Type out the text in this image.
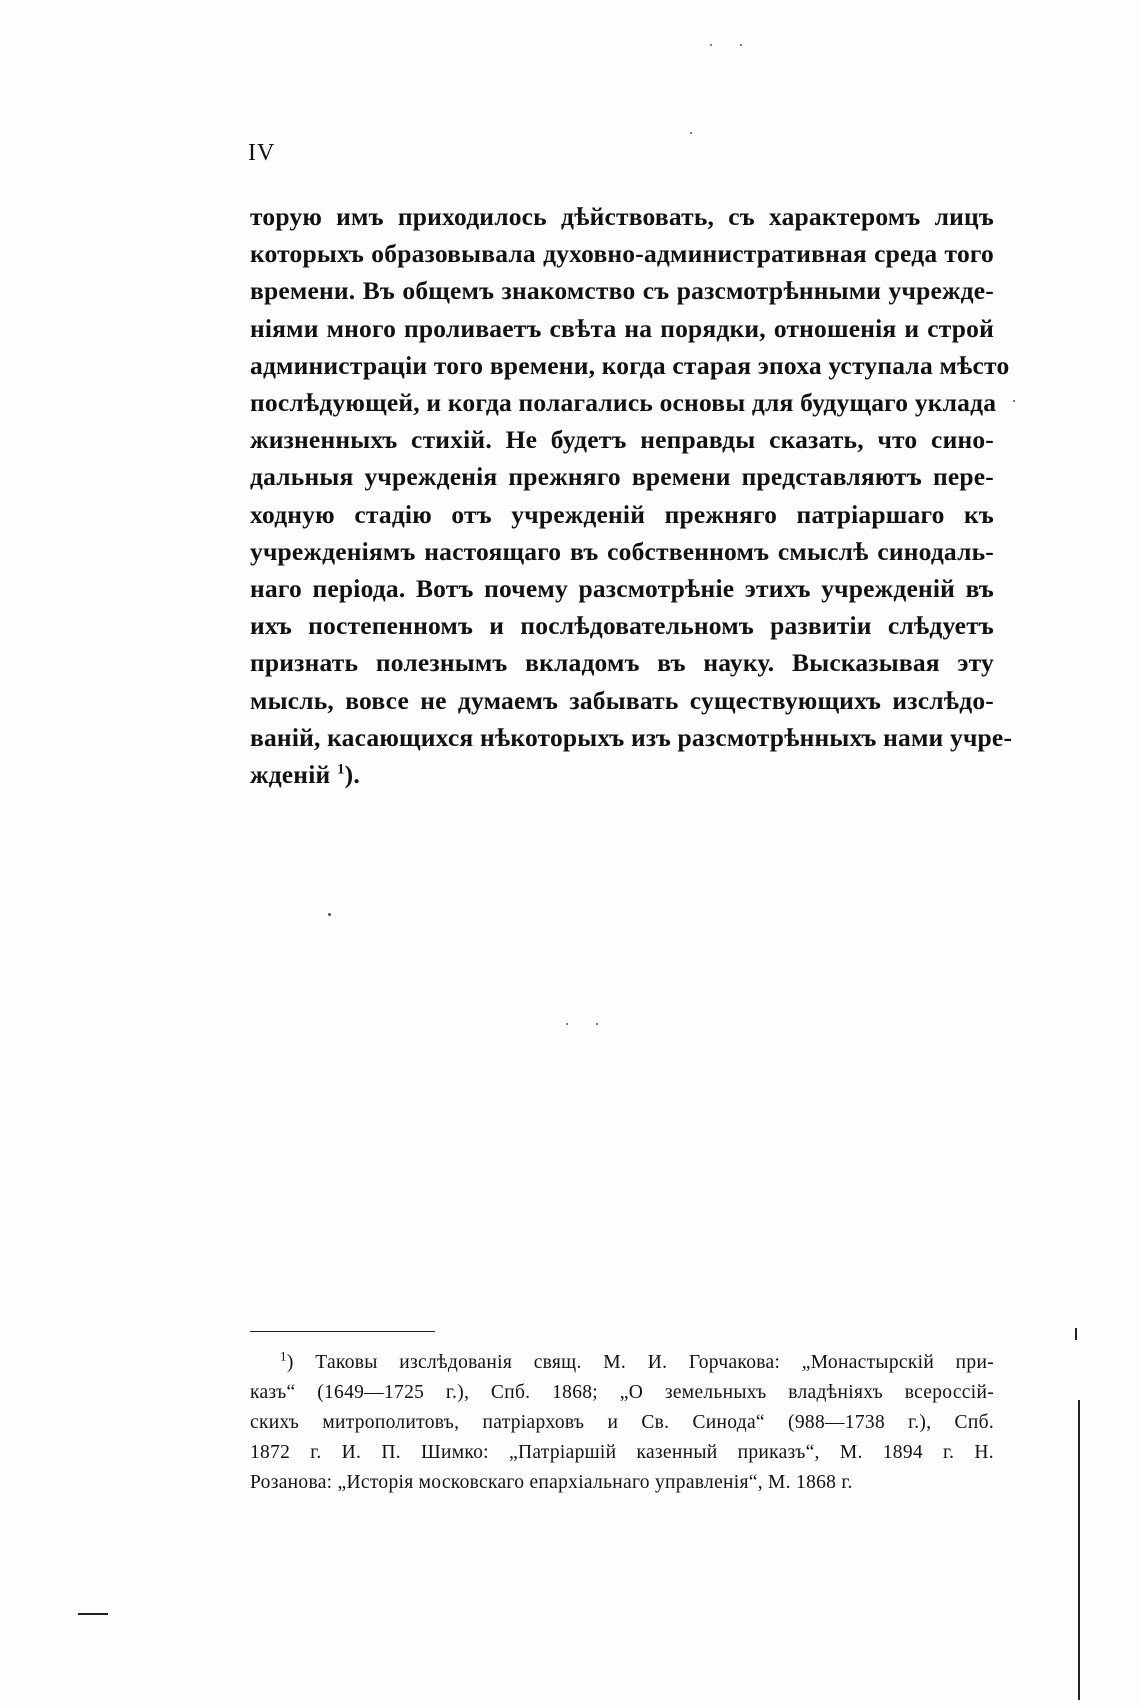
IV
торую имъ приходилось дѣйствовать, съ характеромъ лицъ
которыхъ образовывала духовно-административная среда того
времени. Въ общемъ знакомство съ разсмотрѣнными учрежде-
ніями много проливаетъ свѣта на порядки, отношенія и строй
администраціи того времени, когда старая эпоха уступала мѣсто
послѣдующей, и когда полагались основы для будущаго уклада
жизненныхъ стихій. Не будетъ неправды сказать, что сино-
дальныя учрежденія прежняго времени представляютъ пере-
ходную стадію отъ учрежденій прежняго патріаршаго къ
учрежденіямъ настоящаго въ собственномъ смыслѣ синодаль-
наго періода. Вотъ почему разсмотрѣніе этихъ учрежденій въ
ихъ постепенномъ и послѣдовательномъ развитіи слѣдуетъ
признать полезнымъ вкладомъ въ науку. Высказывая эту
мысль, вовсе не думаемъ забывать существующихъ изслѣдо-
ваній, касающихся нѣкоторыхъ изъ разсмотрѣнныхъ нами учре-
жденій $^1$).
$^1$) Таковы изслѣдованія свящ. М. И. Горчакова: „Монастырскій при-
казъ“ (1649—1725 г.), Спб. 1868; „О земельныхъ владѣніяхъ всероссій-
скихъ митрополитовъ, патріарховъ и Св. Синода“ (988—1738 г.), Спб.
1872 г. И. П. Шимко: „Патріаршій казенный приказъ“, М. 1894 г. Н.
Розанова: „Исторія московскаго епархіальнаго управленія“, М. 1868 г.
